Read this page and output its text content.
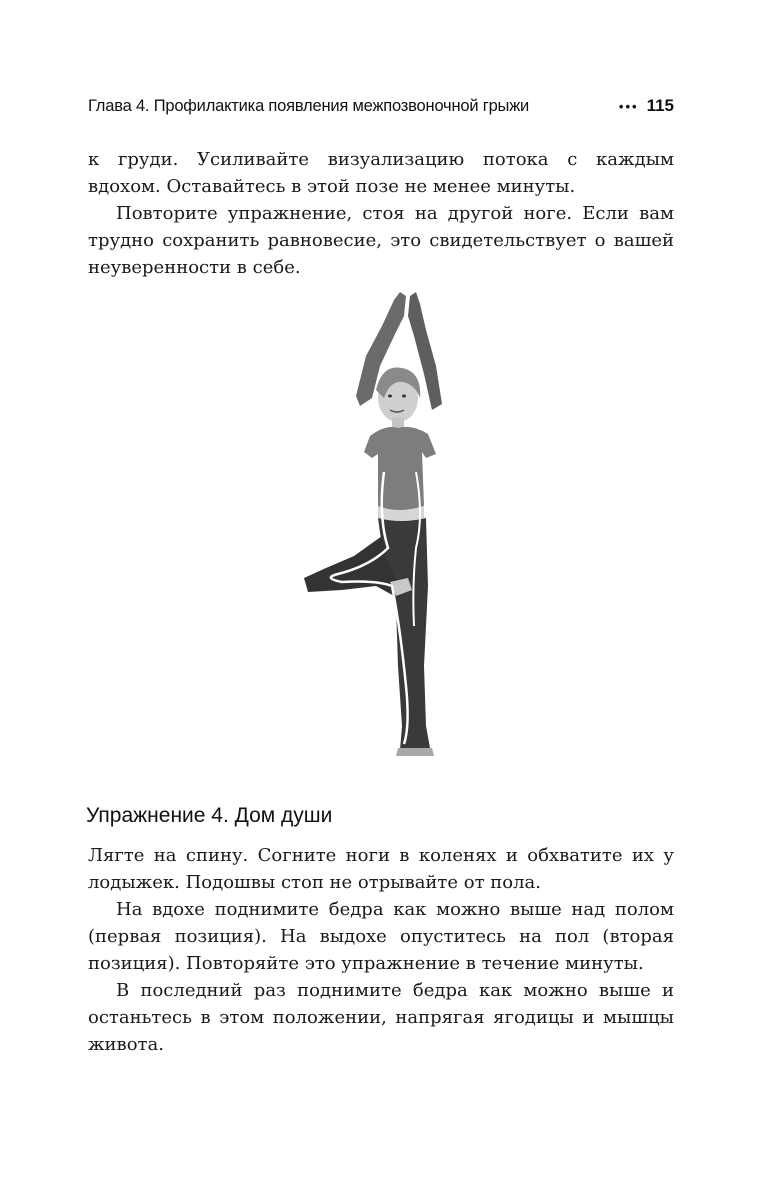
Глава 4. Профилактика появления межпозвоночной грыжи	••• 115

к груди. Усиливайте визуализацию потока с каждым вдохом. Оставайтесь в этой позе не менее минуты.

Повторите упражнение, стоя на другой ноге. Если вам трудно сохранить равновесие, это свидетельствует о вашей неуверенности в себе.

Упражнение 4. Дом души

Лягте на спину. Согните ноги в коленях и обхватите их у лодыжек. Подошвы стоп не отрывайте от пола.

На вдохе поднимите бедра как можно выше над полом (первая позиция). На выдохе опуститесь на пол (вторая позиция). Повторяйте это упражнение в течение минуты.

В последний раз поднимите бедра как можно выше и останьтесь в этом положении, напрягая ягодицы и мышцы живота.
